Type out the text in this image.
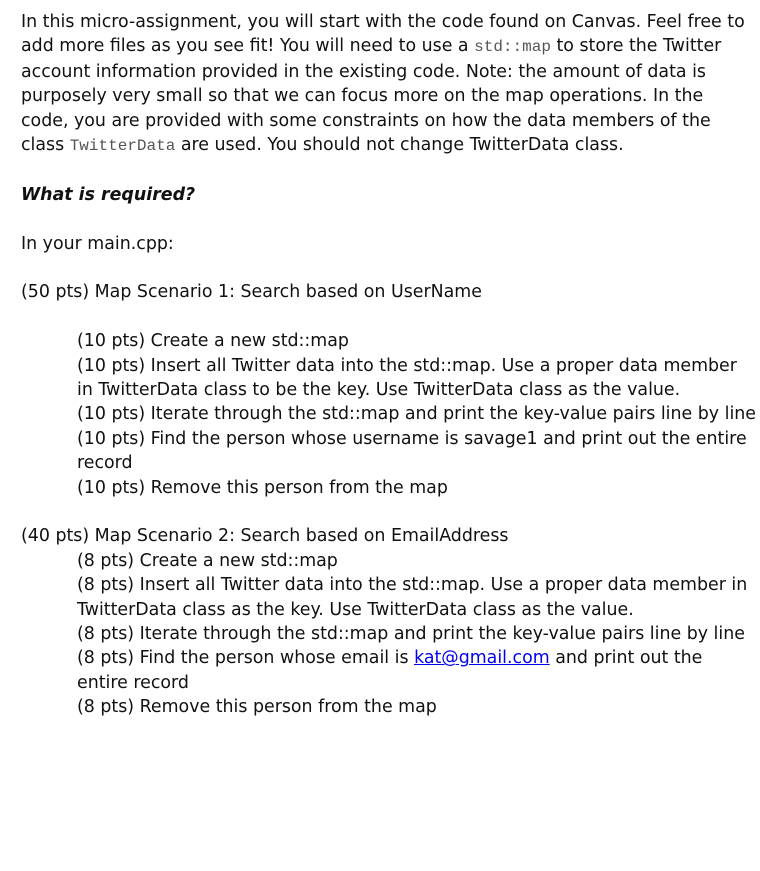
In this micro-assignment, you will start with the code found on Canvas. Feel free to add more files as you see fit! You will need to use a std::map to store the Twitter account information provided in the existing code. Note: the amount of data is purposely very small so that we can focus more on the map operations. In the code, you are provided with some constraints on how the data members of the class TwitterData are used. You should not change TwitterData class.

What is required?

In your main.cpp:

(50 pts) Map Scenario 1: Search based on UserName

(10 pts) Create a new std::map
(10 pts) Insert all Twitter data into the std::map. Use a proper data member in TwitterData class to be the key. Use TwitterData class as the value.
(10 pts) Iterate through the std::map and print the key-value pairs line by line
(10 pts) Find the person whose username is savage1 and print out the entire record
(10 pts) Remove this person from the map

(40 pts) Map Scenario 2: Search based on EmailAddress

(8 pts) Create a new std::map
(8 pts) Insert all Twitter data into the std::map. Use a proper data member in TwitterData class as the key. Use TwitterData class as the value.
(8 pts) Iterate through the std::map and print the key-value pairs line by line
(8 pts) Find the person whose email is kat@gmail.com and print out the entire record
(8 pts) Remove this person from the map
